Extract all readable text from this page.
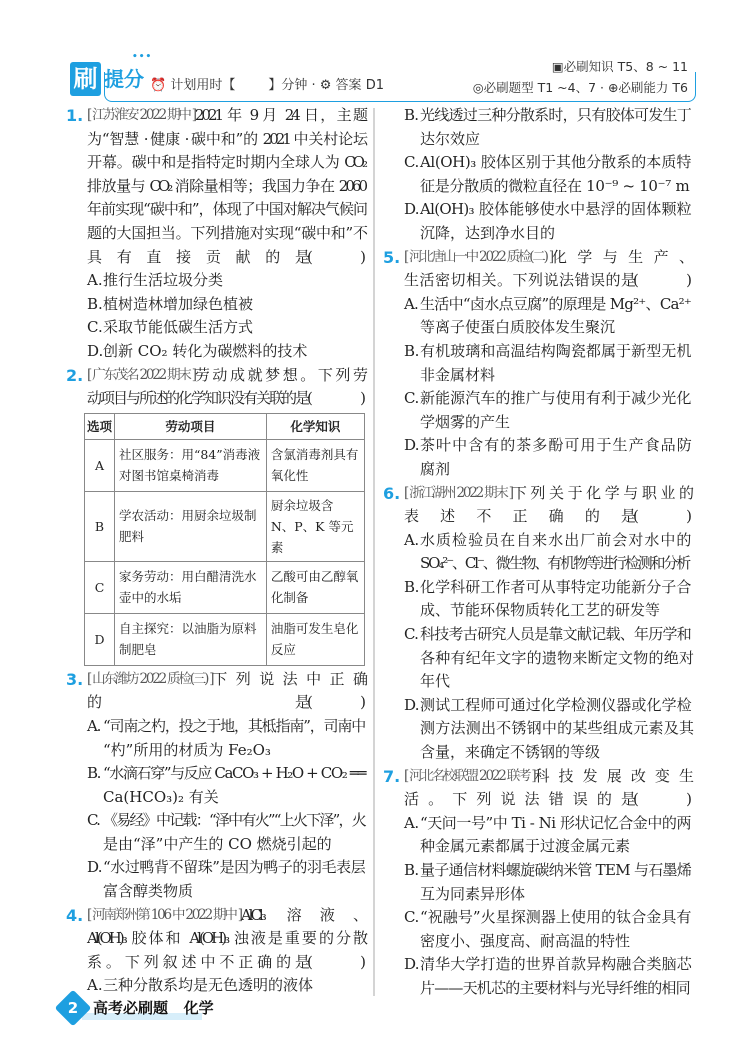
刷
•••
提分 ⏰ 计划用时【        】分钟 · ⚙ 答案 D1
▣必刷知识 T5、8 ~ 11
◎必刷题型 T1 ~4、7 · ⊕必刷能力 T6
1. [ 江苏淮安 2022 期中 ] 2021 年 9 月 24 日，主题
为“智慧 · 健康 · 碳中和”的 2021 中关村论坛
开幕。碳中和是指特定时期内全球人为 CO₂
排放量与 CO₂ 消除量相等；我国力争在 2060
年前实现“碳中和”，体现了中国对解决气候问
题的大国担当。下列措施对实现“碳中和”不
具有直接贡献的是 (	)
A. 推行生活垃圾分类
B. 植树造林增加绿色植被
C. 采取节能低碳生活方式
D. 创新 CO₂ 转化为碳燃料的技术
2. [ 广东茂名 2022 期末 ] 劳动成就梦想。下列劳
动项目与所述的化学知识没有关联的是 (	)
选项	劳动项目	化学知识
A	社区服务：用“84”消毒液对图书馆桌椅消毒	含氯消毒剂具有氧化性
B	学农活动：用厨余垃圾制肥料	厨余垃圾含 N、P、K 等元素
C	家务劳动：用白醋清洗水壶中的水垢	乙酸可由乙醇氧化制备
D	自主探究：以油脂为原料制肥皂	油脂可发生皂化反应
3. [ 山东潍坊 2022 质检(三) ] 下列说法中正确
的是 (	)
A. “司南之杓，投之于地，其柢指南”，司南中
“杓”所用的材质为 Fe₂O₃
B. “水滴石穿”与反应 CaCO₃ + H₂O + CO₂ ══
Ca(HCO₃)₂ 有关
C. 《易经》中记载：“泽中有火”“上火下泽”，火
是由“泽”中产生的 CO 燃烧引起的
D. “水过鸭背不留珠”是因为鸭子的羽毛表层
富含醇类物质
4. [ 河南郑州第 106 中 2022 期中 ] AlCl₃ 溶液、
Al(OH)₃ 胶体和 Al(OH)₃ 浊液是重要的分散
系。下列叙述中不正确的是 (	)
A. 三种分散系均是无色透明的液体
B. 光线透过三种分散系时，只有胶体可发生丁
达尔效应
C. Al(OH)₃ 胶体区别于其他分散系的本质特
征是分散质的微粒直径在 10⁻⁹ ~ 10⁻⁷ m
D. Al(OH)₃ 胶体能够使水中悬浮的固体颗粒
沉降，达到净水目的
5. [ 河北唐山一中 2022 质检(二) ] 化学与生产、
生活密切相关。下列说法错误的是 (	)
A. 生活中“卤水点豆腐”的原理是 Mg²⁺、Ca²⁺
等离子使蛋白质胶体发生聚沉
B. 有机玻璃和高温结构陶瓷都属于新型无机
非金属材料
C. 新能源汽车的推广与使用有利于减少光化
学烟雾的产生
D. 茶叶中含有的茶多酚可用于生产食品防
腐剂
6. [ 浙江湖州 2022 期末 ] 下列关于化学与职业的
表述不正确的是 (	)
A. 水质检验员在自来水出厂前会对水中的
SO₄²⁻、Cl⁻、微生物、有机物等进行检测和分析
B. 化学科研工作者可从事特定功能新分子合
成、节能环保物质转化工艺的研发等
C. 科技考古研究人员是靠文献记载、年历学和
各种有纪年文字的遗物来断定文物的绝对
年代
D. 测试工程师可通过化学检测仪器或化学检
测方法测出不锈钢中的某些组成元素及其
含量，来确定不锈钢的等级
7. [ 河北名校联盟 2022 联考 ] 科技发展改变生
活。下列说法错误的是 (	)
A. “天问一号”中 Ti - Ni 形状记忆合金中的两
种金属元素都属于过渡金属元素
B. 量子通信材料螺旋碳纳米管 TEM 与石墨烯
互为同素异形体
C. “祝融号”火星探测器上使用的钛合金具有
密度小、强度高、耐高温的特性
D. 清华大学打造的世界首款异构融合类脑芯
片——天机芯的主要材料与光导纤维的相同
2 高考必刷题   化学
